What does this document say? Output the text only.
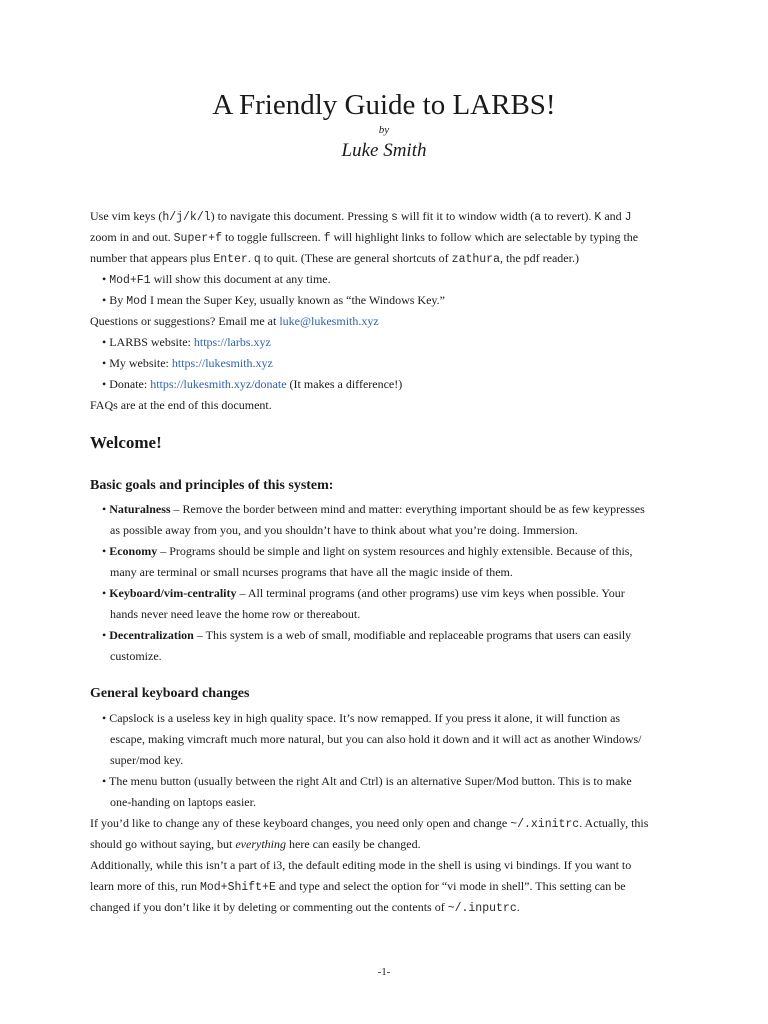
A Friendly Guide to LARBS!
by
Luke Smith
Use vim keys (h/j/k/l) to navigate this document. Pressing s will fit it to window width (a to revert). K and J
zoom in and out. Super+f to toggle fullscreen. f will highlight links to follow which are selectable by typing the
number that appears plus Enter. q to quit. (These are general shortcuts of zathura, the pdf reader.)
• Mod+F1 will show this document at any time.
• By Mod I mean the Super Key, usually known as “the Windows Key.”
Questions or suggestions? Email me at luke@lukesmith.xyz
• LARBS website: https://larbs.xyz
• My website: https://lukesmith.xyz
• Donate: https://lukesmith.xyz/donate (It makes a difference!)
FAQs are at the end of this document.
Welcome!
Basic goals and principles of this system:
• Naturalness – Remove the border between mind and matter: everything important should be as few keypresses
as possible away from you, and you shouldn’t have to think about what you’re doing. Immersion.
• Economy – Programs should be simple and light on system resources and highly extensible. Because of this,
many are terminal or small ncurses programs that have all the magic inside of them.
• Keyboard/vim-centrality – All terminal programs (and other programs) use vim keys when possible. Your
hands never need leave the home row or thereabout.
• Decentralization – This system is a web of small, modifiable and replaceable programs that users can easily
customize.
General keyboard changes
• Capslock is a useless key in high quality space. It’s now remapped. If you press it alone, it will function as
escape, making vimcraft much more natural, but you can also hold it down and it will act as another Windows/
super/mod key.
• The menu button (usually between the right Alt and Ctrl) is an alternative Super/Mod button. This is to make
one-handing on laptops easier.
If you’d like to change any of these keyboard changes, you need only open and change ~/.xinitrc. Actually, this
should go without saying, but everything here can easily be changed.
Additionally, while this isn’t a part of i3, the default editing mode in the shell is using vi bindings. If you want to
learn more of this, run Mod+Shift+E and type and select the option for “vi mode in shell”. This setting can be
changed if you don’t like it by deleting or commenting out the contents of ~/.inputrc.
-1-
